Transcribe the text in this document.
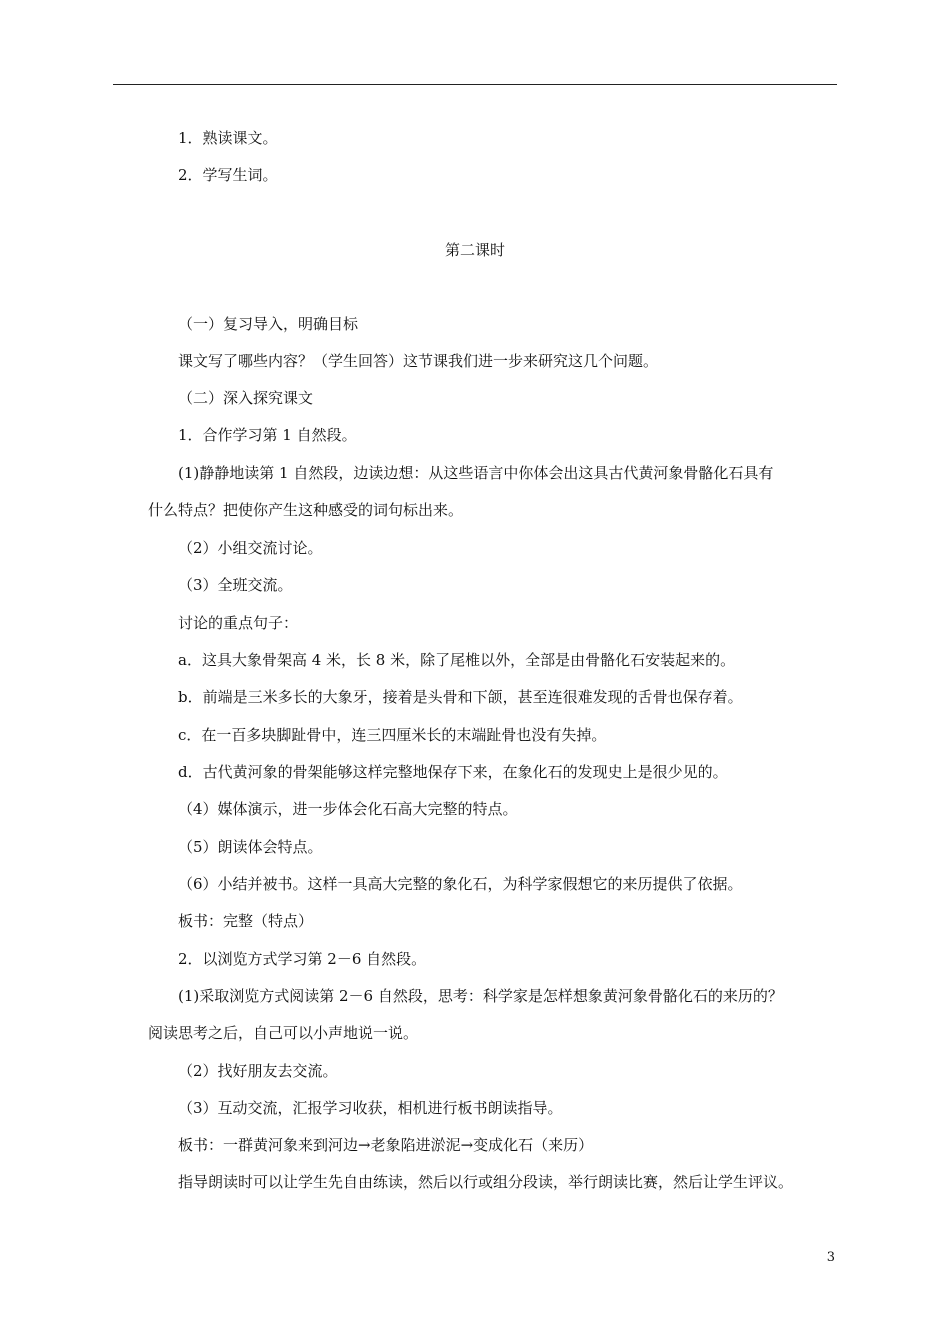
1．熟读课文。
2．学写生词。
第二课时
（一）复习导入，明确目标
课文写了哪些内容？（学生回答）这节课我们进一步来研究这几个问题。
（二）深入探究课文
1．合作学习第 1 自然段。
(1)静静地读第 1 自然段，边读边想：从这些语言中你体会出这具古代黄河象骨骼化石具有
什么特点？把使你产生这种感受的词句标出来。
（2）小组交流讨论。
（3）全班交流。
讨论的重点句子：
a．这具大象骨架高 4 米，长 8 米，除了尾椎以外，全部是由骨骼化石安装起来的。
b．前端是三米多长的大象牙，接着是头骨和下颌，甚至连很难发现的舌骨也保存着。
c．在一百多块脚趾骨中，连三四厘米长的末端趾骨也没有失掉。
d．古代黄河象的骨架能够这样完整地保存下来，在象化石的发现史上是很少见的。
（4）媒体演示，进一步体会化石高大完整的特点。
（5）朗读体会特点。
（6）小结并被书。这样一具高大完整的象化石，为科学家假想它的来历提供了依据。
板书：完整（特点）
2．以浏览方式学习第 2－6 自然段。
(1)采取浏览方式阅读第 2－6 自然段，思考：科学家是怎样想象黄河象骨骼化石的来历的？
阅读思考之后，自己可以小声地说一说。
（2）找好朋友去交流。
（3）互动交流，汇报学习收获，相机进行板书朗读指导。
板书：一群黄河象来到河边→老象陷进淤泥→变成化石（来历）
指导朗读时可以让学生先自由练读，然后以行或组分段读，举行朗读比赛，然后让学生评议。
3
